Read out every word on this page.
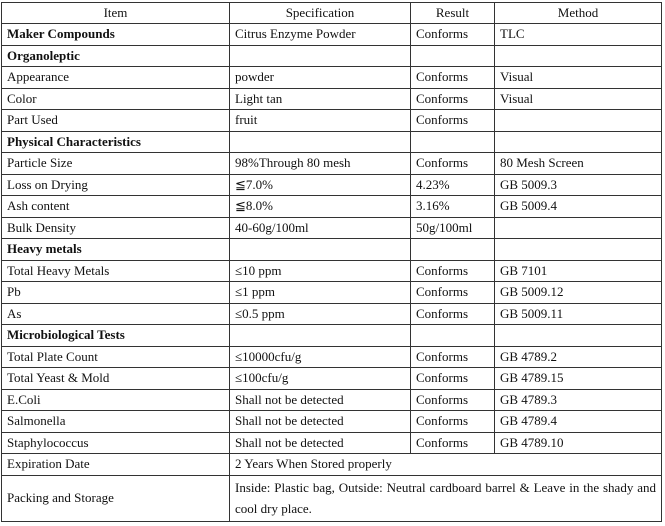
Item	Specification	Result	Method
Maker Compounds	Citrus Enzyme Powder	Conforms	TLC
Organoleptic			
Appearance	powder	Conforms	Visual
Color	Light tan	Conforms	Visual
Part Used	fruit	Conforms	
Physical Characteristics			
Particle Size	98%Through 80 mesh	Conforms	80 Mesh Screen
Loss on Drying	≦7.0%	4.23%	GB 5009.3
Ash content	≦8.0%	3.16%	GB 5009.4
Bulk Density	40-60g/100ml	50g/100ml	
Heavy metals			
Total Heavy Metals	≤10 ppm	Conforms	GB 7101
Pb	≤1 ppm	Conforms	GB 5009.12
As	≤0.5 ppm	Conforms	GB 5009.11
Microbiological Tests			
Total Plate Count	≤10000cfu/g	Conforms	GB 4789.2
Total Yeast & Mold	≤100cfu/g	Conforms	GB 4789.15
E.Coli	Shall not be detected	Conforms	GB 4789.3
Salmonella	Shall not be detected	Conforms	GB 4789.4
Staphylococcus	Shall not be detected	Conforms	GB 4789.10
Expiration Date	2 Years When Stored properly		
Packing and Storage	Inside: Plastic bag, Outside: Neutral cardboard barrel & Leave in the shady and cool dry place.		
